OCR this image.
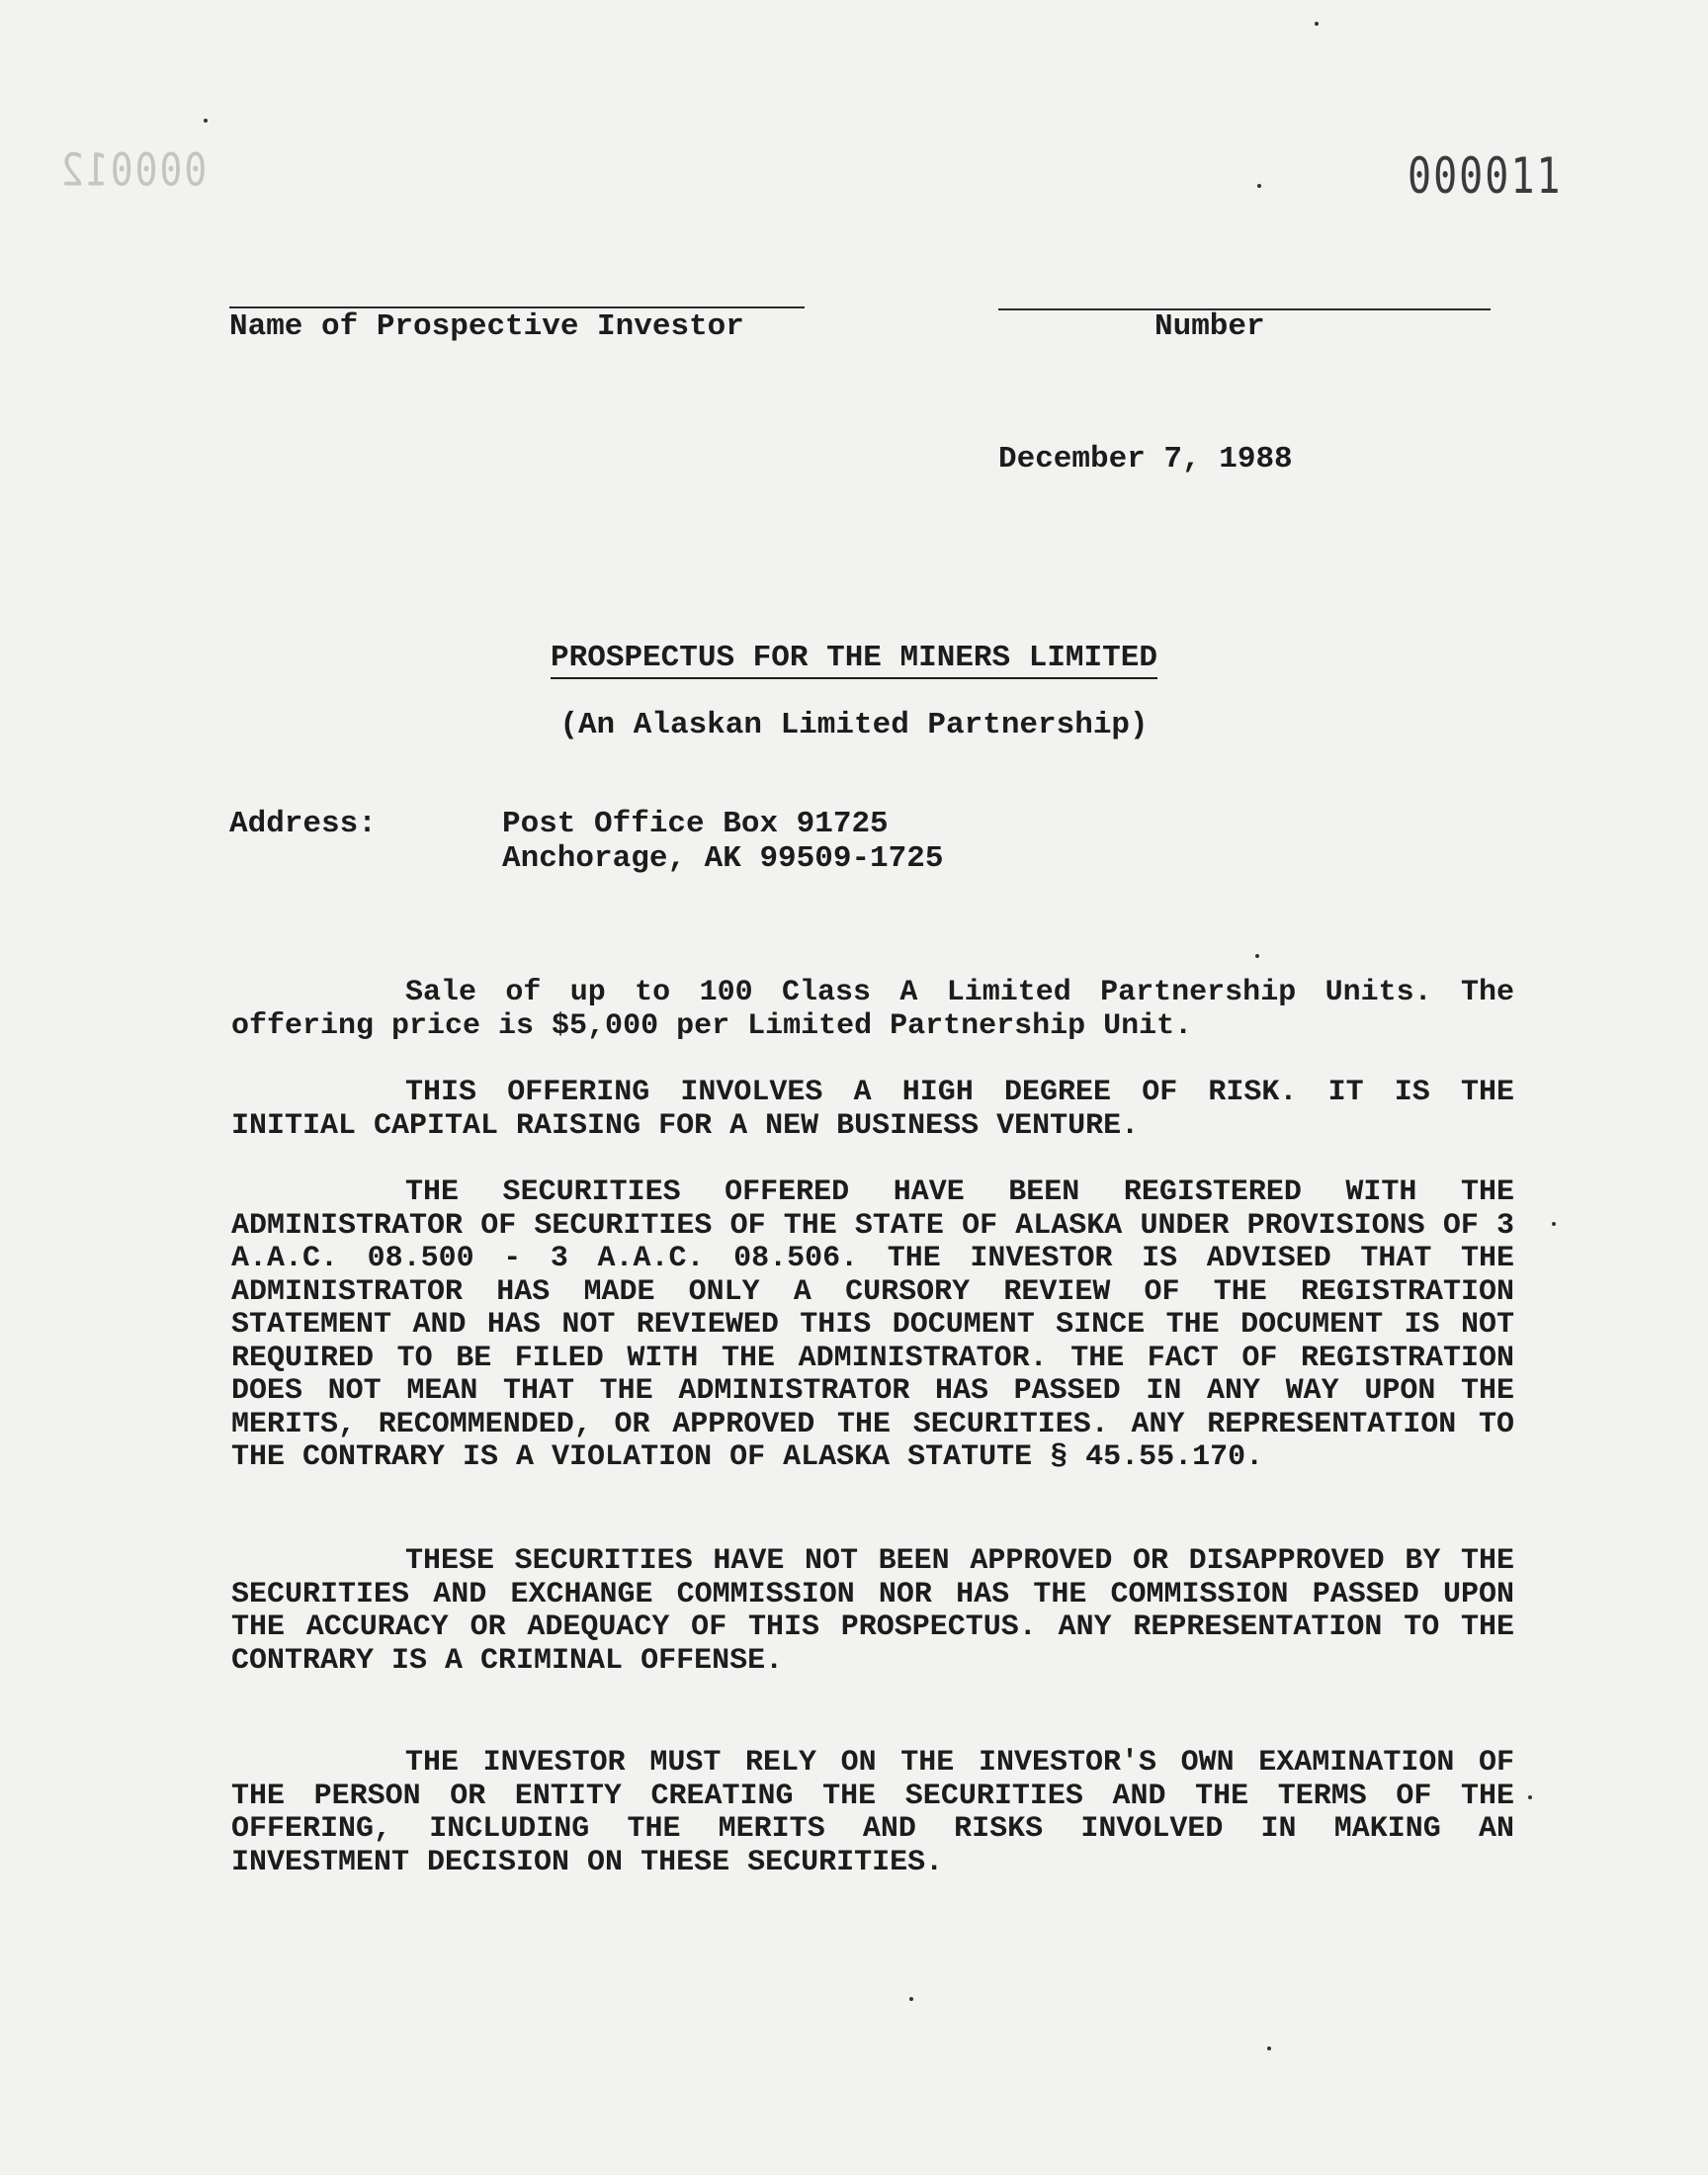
000012	000011
Name of Prospective Investor	Number
December 7, 1988
PROSPECTUS FOR THE MINERS LIMITED
(An Alaskan Limited Partnership)
Address:	Post Office Box 91725
Anchorage, AK 99509-1725
Sale of up to 100 Class A Limited Partnership Units. The offering price is $5,000 per Limited Partnership Unit.
THIS OFFERING INVOLVES A HIGH DEGREE OF RISK. IT IS THE INITIAL CAPITAL RAISING FOR A NEW BUSINESS VENTURE.
THE SECURITIES OFFERED HAVE BEEN REGISTERED WITH THE ADMINISTRATOR OF SECURITIES OF THE STATE OF ALASKA UNDER PROVISIONS OF 3 A.A.C. 08.500 - 3 A.A.C. 08.506. THE INVESTOR IS ADVISED THAT THE ADMINISTRATOR HAS MADE ONLY A CURSORY REVIEW OF THE REGISTRATION STATEMENT AND HAS NOT REVIEWED THIS DOCUMENT SINCE THE DOCUMENT IS NOT REQUIRED TO BE FILED WITH THE ADMINISTRATOR. THE FACT OF REGISTRATION DOES NOT MEAN THAT THE ADMINISTRATOR HAS PASSED IN ANY WAY UPON THE MERITS, RECOMMENDED, OR APPROVED THE SECURITIES. ANY REPRESENTATION TO THE CONTRARY IS A VIOLATION OF ALASKA STATUTE § 45.55.170.
THESE SECURITIES HAVE NOT BEEN APPROVED OR DISAPPROVED BY THE SECURITIES AND EXCHANGE COMMISSION NOR HAS THE COMMISSION PASSED UPON THE ACCURACY OR ADEQUACY OF THIS PROSPECTUS. ANY REPRESENTATION TO THE CONTRARY IS A CRIMINAL OFFENSE.
THE INVESTOR MUST RELY ON THE INVESTOR'S OWN EXAMINATION OF THE PERSON OR ENTITY CREATING THE SECURITIES AND THE TERMS OF THE OFFERING, INCLUDING THE MERITS AND RISKS INVOLVED IN MAKING AN INVESTMENT DECISION ON THESE SECURITIES.
